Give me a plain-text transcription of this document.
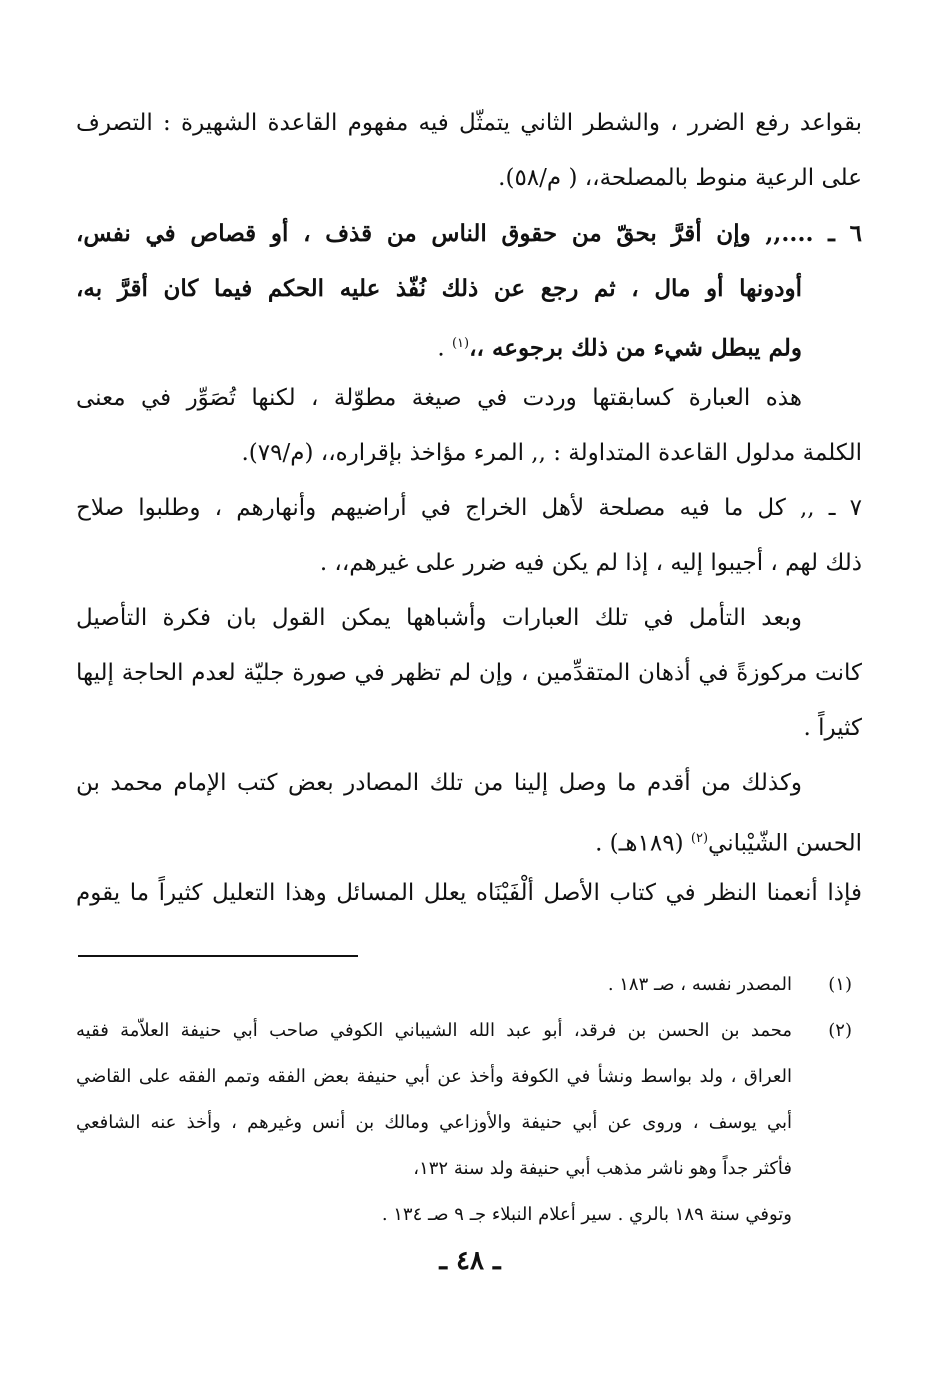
بقواعد رفع الضرر ، والشطر الثاني يتمثّل فيه مفهوم القاعدة الشهيرة : التصرف
على الرعية منوط بالمصلحة،، ( م/٥٨).
٦ ـ ....,, وإن أقرَّ بحقّ من حقوق الناس من قذف ، أو قصاص في نفس،
أودونها أو مال ، ثم رجع عن ذلك نُفّذ عليه الحكم فيما كان أقرَّ به،
ولم يبطل شيء من ذلك برجوعه ،،$^{(١)}$ .
هذه العبارة كسابقتها وردت في صيغة مطوّلة ، لكنها تُصَوِّر في معنى
الكلمة مدلول القاعدة المتداولة : ,, المرء مؤاخذ بإقراره،، (م/٧٩).
٧ ـ ,, كل ما فيه مصلحة لأهل الخراج في أراضيهم وأنهارهم ، وطلبوا صلاح
ذلك لهم ، أجيبوا إليه ، إذا لم يكن فيه ضرر على غيرهم،، .
وبعد التأمل في تلك العبارات وأشباهها يمكن القول بان فكرة التأصيل
كانت مركوزةً في أذهان المتقدِّمين ، وإن لم تظهر في صورة جليّة لعدم الحاجة إليها
كثيراً .
وكذلك من أقدم ما وصل إلينا من تلك المصادر بعض كتب الإمام محمد بن
الحسن الشّيْباني$^{(٢)}$ (١٨٩هـ) .
فإذا أنعمنا النظر في كتاب الأصل ألْفَيْنَاه يعلل المسائل وهذا التعليل كثيراً ما يقوم
(١)
المصدر نفسه ، صـ ١٨٣ .
(٢)
محمد بن الحسن بن فرقد، أبو عبد الله الشيباني الكوفي صاحب أبي حنيفة العلاّمة فقيه
العراق ، ولد بواسط ونشأ في الكوفة وأخذ عن أبي حنيفة بعض الفقه وتمم الفقه على القاضي
أبي يوسف ، وروى عن أبي حنيفة والأوزاعي ومالك بن أنس وغيرهم ، وأخذ عنه الشافعي
فأكثر جداً وهو ناشر مذهب أبي حنيفة ولد سنة ١٣٢،
وتوفي سنة ١٨٩ بالري . سير أعلام النبلاء جـ ٩ صـ ١٣٤ .
ـ ٤٨ ـ
